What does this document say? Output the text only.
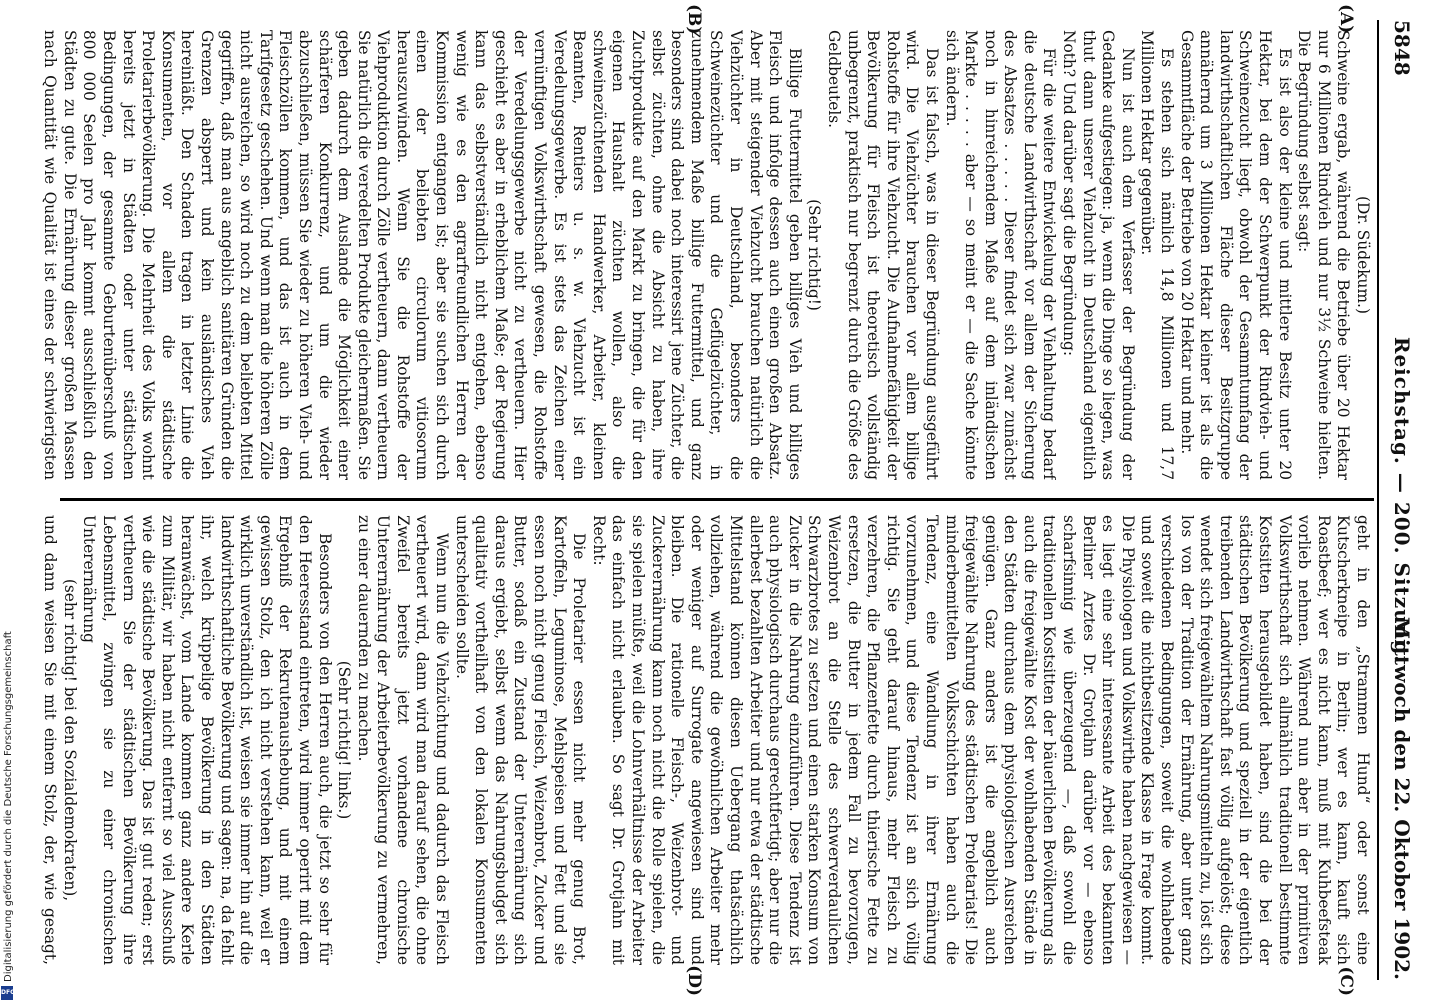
5848
Reichstag. — 200. Sitzung.
Mittwoch den 22. Oktober 1902.
(A)
(B)
(C)
(D)

(Dr. Südekum.)

Schweine ergab, während die Betriebe über 20 Hektar nur 6 Millionen Rindvieh und nur 3½ Schweine hielten. Die Begründung selbst sagt:

Es ist also der kleine und mittlere Besitz unter 20 Hektar, bei dem der Schwerpunkt der Rindvieh- und Schweinezucht liegt, obwohl der Gesammtumfang der landwirthschaftlichen Fläche dieser Besitzgruppe annähernd um 3 Millionen Hektar kleiner ist als die Gesammtfläche der Betriebe von 20 Hektar und mehr.

Es stehen sich nämlich 14,8 Millionen und 17,7 Millionen Hektar gegenüber.

Nun ist auch dem Verfasser der Begründung der Gedanke aufgestiegen: ja, wenn die Dinge so liegen, was thut dann unserer Viehzucht in Deutschland eigentlich Noth? Und darüber sagt die Begründung:

Für die weitere Entwickelung der Viehhaltung bedarf die deutsche Landwirthschaft vor allem der Sicherung des Absatzes . . . . . Dieser findet sich zwar zunächst noch in hinreichendem Maße auf dem inländischen Markte . . . . . aber — so meint er — die Sache könnte sich ändern.

Das ist falsch, was in dieser Begründung ausgeführt wird. Die Viehzüchter brauchen vor allem billige Rohstoffe für ihre Viehzucht. Die Aufnahmefähigkeit der Bevölkerung für Fleisch ist theoretisch vollständig unbegrenzt, praktisch nur begrenzt durch die Größe des Geldbeutels.

(Sehr richtig!)

Billige Futtermittel geben billiges Vieh und billiges Fleisch und infolge dessen auch einen großen Absatz. Aber mit steigender Viehzucht brauchen natürlich die Viehzüchter in Deutschland, besonders die Schweinezüchter und die Geflügelzüchter, in zunehmendem Maße billige Futtermittel, und ganz besonders sind dabei noch interessirt jene Züchter, die selbst züchten, ohne die Absicht zu haben, ihre Zuchtprodukte auf den Markt zu bringen, die für den eigenen Haushalt züchten wollen, also die schweinezüchtenden Handwerker, Arbeiter, kleinen Beamten, Rentiers u. s. w. Viehzucht ist ein Veredelungsgewerbe. Es ist stets das Zeichen einer vernünftigen Volkswirthschaft gewesen, die Rohstoffe der Veredelungsgewerbe nicht zu vertheuern. Hier geschieht es aber in erheblichem Maße; der Regierung kann das selbstverständlich nicht entgehen, ebenso wenig wie es den agrarfreundlichen Herren der Kommission entgangen ist; aber sie suchen sich durch einen der beliebten circulorum vitiosorum herauszuwinden. Wenn Sie die Rohstoffe der Viehproduktion durch Zölle vertheuern, dann vertheuern Sie natürlich die veredelten Produkte gleichermaßen. Sie geben dadurch dem Auslande die Möglichkeit einer schärferen Konkurrenz, und um die wieder abzuschließen, müssen Sie wieder zu höheren Vieh- und Fleischzöllen kommen, und das ist auch in dem Tarifgesetz geschehen. Und wenn man die höheren Zölle nicht ausreichen, so wird noch zu dem beliebten Mittel gegriffen, daß man aus angeblich sanitären Gründen die Grenzen absperrt und kein ausländisches Vieh hereinläßt. Den Schaden tragen in letzter Linie die Konsumenten, vor allem die städtische Proletarierbevölkerung. Die Mehrheit des Volks wohnt bereits jetzt in Städten oder unter städtischen Bedingungen, der gesammte Geburtenüberschuß von 800 000 Seelen pro Jahr kommt ausschließlich den Städten zu gute. Die Ernährung dieser großen Massen nach Quantität wie Qualität ist eines der schwierigsten

geht in den „Strammen Hund“ oder sonst eine Kutscherkneipe in Berlin; wer es kann, kauft sich Roastbeef; wer es nicht kann, muß mit Kuhbeefsteak vorlieb nehmen. Während nun aber in der primitiven Volkswirthschaft sich allmählich traditionell bestimmte Kostsitten herausgebildet haben, sind die bei der städtischen Bevölkerung und speziell in der eigentlich treibenden Landwirthschaft fast völlig aufgelöst; diese wendet sich freigewähltem Nahrungsmitteln zu, löst sich los von der Tradition der Ernährung, aber unter ganz verschiedenen Bedingungen, soweit die wohlhabende und soweit die nichtbesitzende Klasse in Frage kommt. Die Physiologen und Volkswirthe haben nachgewiesen — es liegt eine sehr interessante Arbeit des bekannten Berliner Arztes Dr. Grotjahn darüber vor — ebenso scharfsinnig wie überzeugend —, daß sowohl die traditionellen Kostsitten der bäuerlichen Bevölkerung als auch die freigewählte Kost der wohlhabenden Stände in den Städten durchaus dem physiologischen Ausreichen genügen. Ganz anders ist die angeblich auch freigewählte Nahrung des städtischen Proletariats! Die minderbemittelten Volksschichten haben auch die Tendenz, eine Wandlung in ihrer Ernährung vorzunehmen, und diese Tendenz ist an sich völlig richtig. Sie geht darauf hinaus, mehr Fleisch zu verzehren, die Pflanzenfette durch thierische Fette zu ersetzen, die Butter in jedem Fall zu bevorzugen, Weizenbrot an die Stelle des schwerverdaulichen Schwarzbrotes zu setzen und einen starken Konsum von Zucker in die Nahrung einzuführen. Diese Tendenz ist auch physiologisch durchaus gerechtfertigt; aber nur die allerbest bezahlten Arbeiter und nur etwa der städtische Mittelstand können diesen Uebergang thatsächlich vollziehen, während die gewöhnlichen Arbeiter mehr oder weniger auf Surrogate angewiesen sind und bleiben. Die rationelle Fleisch-, Weizenbrot- und Zuckerernährung kann noch nicht die Rolle spielen, die sie spielen müßte, weil die Lohnverhältnisse der Arbeiter das einfach nicht erlauben. So sagt Dr. Grotjahn mit Recht:

Die Proletarier essen nicht mehr genug Brot, Kartoffeln, Leguminose, Mehlspeisen und Fett und sie essen noch nicht genug Fleisch, Weizenbrot, Zucker und Butter, sodaß ein Zustand der Unterernährung sich daraus ergiebt, selbst wenn das Nahrungsbudget sich qualitativ vortheilhaft von den lokalen Konsumenten unterscheiden sollte.

Wenn nun die Viehzüchtung und dadurch das Fleisch vertheuert wird, dann wird man darauf sehen, die ohne Zweifel bereits jetzt vorhandene chronische Unterernährung der Arbeiterbevölkerung zu vermehren, zu einer dauernden zu machen.

(Sehr richtig! links.)

Besonders von den Herren auch, die jetzt so sehr für den Heeresstand eintreten, wird immer operirt mit dem Ergebniß der Rekrutenaushebung, und mit einem gewissen Stolz, den ich nicht verstehen kann, weil er wirklich unverständlich ist, weisen sie immer hin auf die landwirthschaftliche Bevölkerung und sagen: na, da fehlt ihr, welch krüppelige Bevölkerung in den Städten heranwächst, vom Lande kommen ganz andere Kerle zum Militär, wir haben nicht entfernt so viel Ausschuß wie die städtische Bevölkerung. Das ist gut reden; erst vertheuern Sie der städtischen Bevölkerung ihre Lebensmittel, zwingen sie zu einer chronischen Unterernährung

(sehr richtig! bei den Sozialdemokraten),

und dann weisen Sie mit einem Stolz, der, wie gesagt,

Digitalisierung gefördert durch die Deutsche Forschungsgemeinschaft
DFG
